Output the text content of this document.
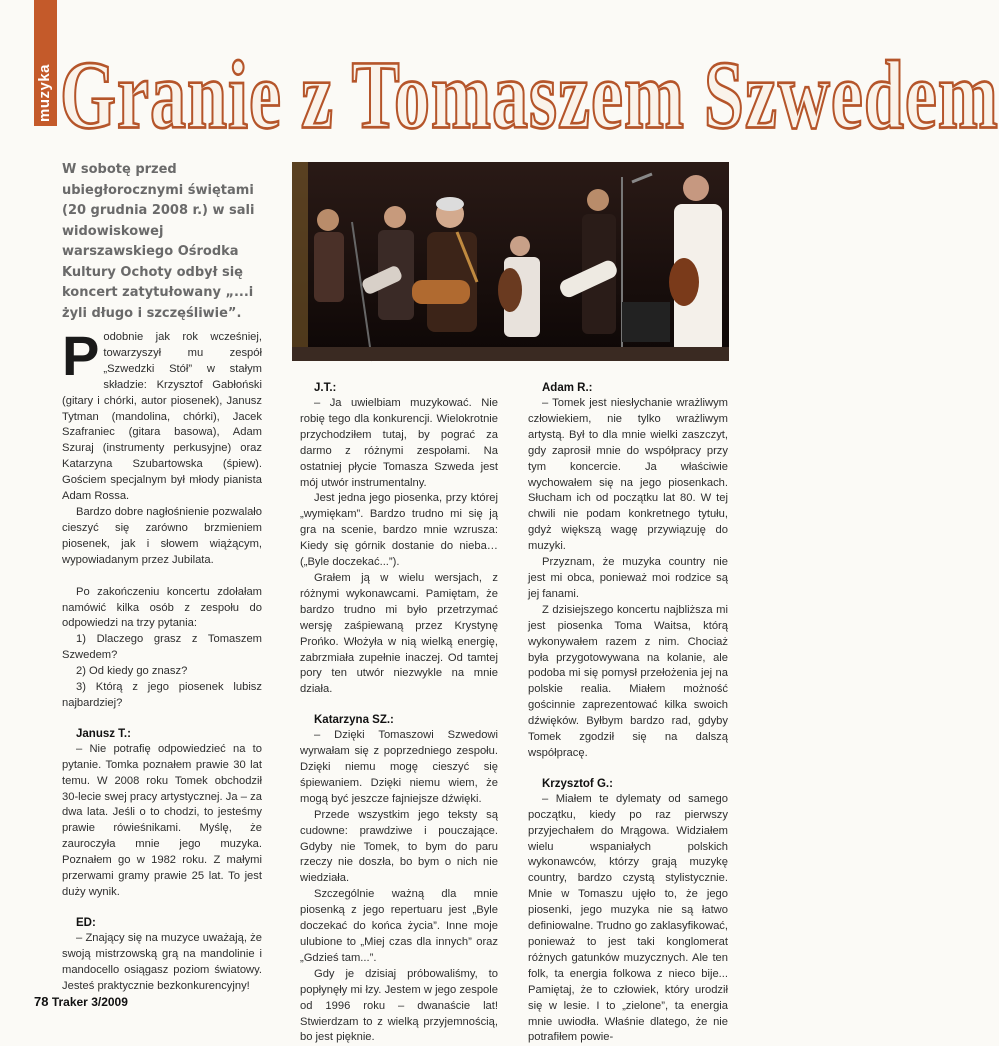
muzyka Granie z Tomaszem Szwedem

W sobotę przed ubiegłorocznymi świętami (20 grudnia 2008 r.) w sali widowiskowej warszawskiego Ośrodka Kultury Ochoty odbył się koncert zatytułowany „...i żyli długo i szczęśliwie”.

Podobnie jak rok wcześniej, towarzyszył mu zespół „Szwedzki Stół” w stałym składzie: Krzysztof Gabłoński (gitary i chórki, autor piosenek), Janusz Tytman (mandolina, chórki), Jacek Szafraniec (gitara basowa), Adam Szuraj (instrumenty perkusyjne) oraz Katarzyna Szubartowska (śpiew). Gościem specjalnym był młody pianista Adam Rossa.

Bardzo dobre nagłośnienie pozwalało cieszyć się zarówno brzmieniem piosenek, jak i słowem wiążącym, wypowiadanym przez Jubilata.

Po zakończeniu koncertu zdołałam namówić kilka osób z zespołu do odpowiedzi na trzy pytania:

1) Dlaczego grasz z Tomaszem Szwedem?

2) Od kiedy go znasz?

3) Którą z jego piosenek lubisz najbardziej?

Janusz T.:

– Nie potrafię odpowiedzieć na to pytanie. Tomka poznałem prawie 30 lat temu. W 2008 roku Tomek obchodził 30-lecie swej pracy artystycznej. Ja – za dwa lata. Jeśli o to chodzi, to jesteśmy prawie rówieśnikami. Myślę, że zauroczyła mnie jego muzyka. Poznałem go w 1982 roku. Z małymi przerwami gramy prawie 25 lat. To jest duży wynik.

ED:

– Znający się na muzyce uważają, że swoją mistrzowską grą na mandolinie i mandocello osiągasz poziom światowy. Jesteś praktycznie bezkonkurencyjny!

J.T.:

– Ja uwielbiam muzykować. Nie robię tego dla konkurencji. Wielokrotnie przychodziłem tutaj, by pograć za darmo z różnymi zespołami. Na ostatniej płycie Tomasza Szweda jest mój utwór instrumentalny.

Jest jedna jego piosenka, przy której „wymiękam”. Bardzo trudno mi się ją gra na scenie, bardzo mnie wzrusza: Kiedy się górnik dostanie do nieba… („Byle doczekać...”).

Grałem ją w wielu wersjach, z różnymi wykonawcami. Pamiętam, że bardzo trudno mi było przetrzymać wersję zaśpiewaną przez Krystynę Prońko. Włożyła w nią wielką energię, zabrzmiała zupełnie inaczej. Od tamtej pory ten utwór niezwykle na mnie działa.

Katarzyna SZ.:

– Dzięki Tomaszowi Szwedowi wyrwałam się z poprzedniego zespołu. Dzięki niemu mogę cieszyć się śpiewaniem. Dzięki niemu wiem, że mogą być jeszcze fajniejsze dźwięki.

Przede wszystkim jego teksty są cudowne: prawdziwe i pouczające. Gdyby nie Tomek, to bym do paru rzeczy nie doszła, bo bym o nich nie wiedziała.

Szczególnie ważną dla mnie piosenką z jego repertuaru jest „Byle doczekać do końca życia”. Inne moje ulubione to „Miej czas dla innych” oraz „Gdzieś tam...”.

Gdy je dzisiaj próbowaliśmy, to popłynęły mi łzy. Jestem w jego zespole od 1996 roku – dwanaście lat! Stwierdzam to z wielką przyjemnością, bo jest pięknie.

Adam R.:

– Tomek jest niesłychanie wrażliwym człowiekiem, nie tylko wrażliwym artystą. Był to dla mnie wielki zaszczyt, gdy zaprosił mnie do współpracy przy tym koncercie. Ja właściwie wychowałem się na jego piosenkach. Słucham ich od początku lat 80. W tej chwili nie podam konkretnego tytułu, gdyż większą wagę przywiązuję do muzyki.

Przyznam, że muzyka country nie jest mi obca, ponieważ moi rodzice są jej fanami.

Z dzisiejszego koncertu najbliższa mi jest piosenka Toma Waitsa, którą wykonywałem razem z nim. Chociaż była przygotowywana na kolanie, ale podoba mi się pomysł przełożenia jej na polskie realia. Miałem możność gościnnie zaprezentować kilka swoich dźwięków. Byłbym bardzo rad, gdyby Tomek zgodził się na dalszą współpracę.

Krzysztof G.:

– Miałem te dylematy od samego początku, kiedy po raz pierwszy przyjechałem do Mrągowa. Widziałem wielu wspaniałych polskich wykonawców, którzy grają muzykę country, bardzo czystą stylistycznie. Mnie w Tomaszu ujęło to, że jego piosenki, jego muzyka nie są łatwo definiowalne. Trudno go zaklasyfikować, ponieważ to jest taki konglomerat różnych gatunków muzycznych. Ale ten folk, ta energia folkowa z nieco bije... Pamiętaj, że to człowiek, który urodził się w lesie. I to „zielone”, ta energia mnie uwiodła. Właśnie dlatego, że nie potrafiłem powie-

78 Traker 3/2009
